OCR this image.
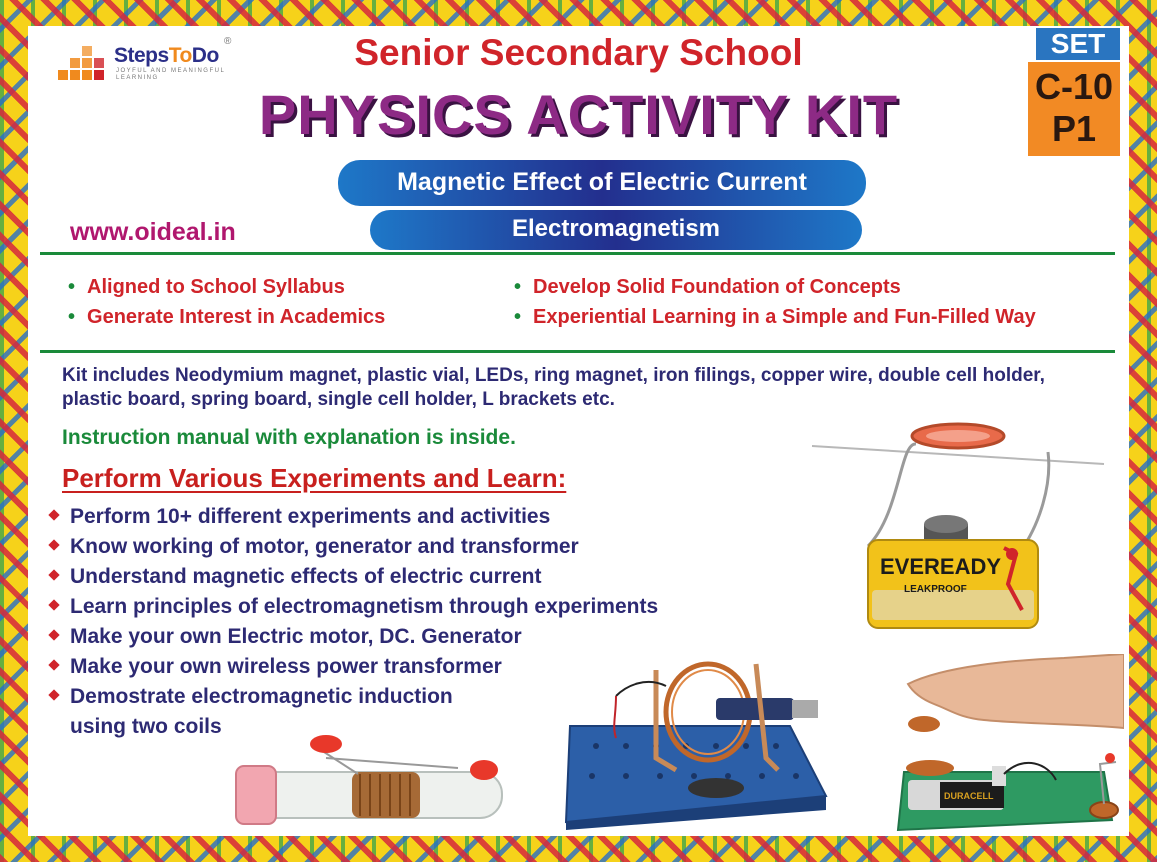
StepsToDo
JOYFUL AND MEANINGFUL LEARNING
®	Senior Secondary School
PHYSICS ACTIVITY KIT
SET
C-10
P1
Magnetic Effect of Electric Current
Electromagnetism
www.oideal.in
• Aligned to School Syllabus
• Generate Interest in Academics
• Develop Solid Foundation of Concepts
• Experiential Learning in a Simple and Fun-Filled Way
Kit includes Neodymium magnet, plastic vial, LEDs, ring magnet, iron filings, copper wire, double cell holder, plastic board, spring board, single cell holder, L brackets etc.
Instruction manual with explanation is inside.
Perform Various Experiments and Learn:
Perform 10+ different experiments and activities
Know working of motor, generator and transformer
Understand magnetic effects of electric current
Learn principles of electromagnetism through experiments
Make your own Electric motor, DC. Generator
Make your own wireless power transformer
Demostrate electromagnetic induction
using two coils
EVEREADY
LEAKPROOF
DURACELL
